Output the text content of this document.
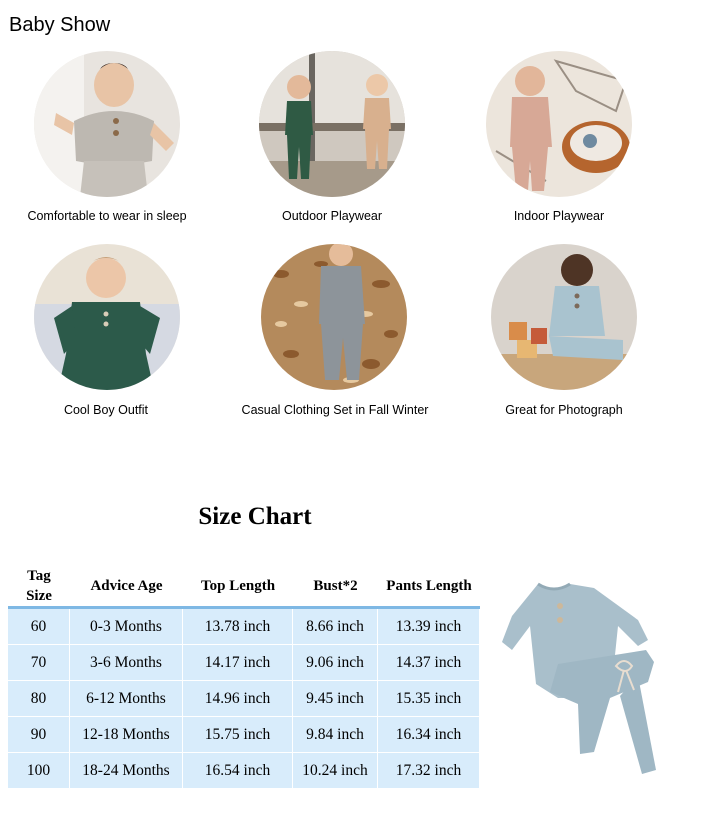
Baby Show
Comfortable to wear in sleep	Outdoor Playwear	Indoor Playwear
Cool Boy Outfit	Casual Clothing Set in Fall Winter	Great for Photograph
Size Chart
Tag
Size	Advice Age	Top Length	Bust*2	Pants Length
60	0-3 Months	13.78 inch	8.66 inch	13.39 inch
70	3-6 Months	14.17 inch	9.06 inch	14.37 inch
80	6-12 Months	14.96 inch	9.45 inch	15.35 inch
90	12-18 Months	15.75 inch	9.84 inch	16.34 inch
100	18-24 Months	16.54 inch	10.24 inch	17.32 inch
